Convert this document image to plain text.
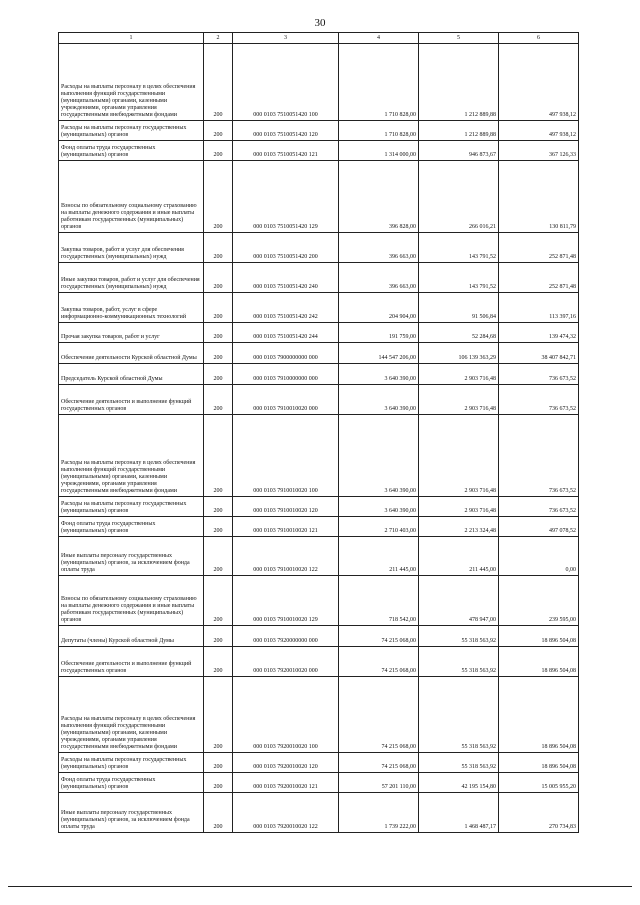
30
1	2	3	4	5	6
Расходы на выплаты персоналу в целях обеспечения выполнения функций государственными (муниципальными) органами, казенными учреждениями, органами управления государственными внебюджетными фондами	200	000 0103 7510051420 100	1 710 828,00	1 212 889,88	497 938,12
Расходы на выплаты персоналу государственных (муниципальных) органов	200	000 0103 7510051420 120	1 710 828,00	1 212 889,88	497 938,12
Фонд оплаты труда государственных (муниципальных) органов	200	000 0103 7510051420 121	1 314 000,00	946 873,67	367 126,33
Взносы по обязательному социальному страхованию на выплаты денежного содержания и иные выплаты работникам государственных (муниципальных) органов	200	000 0103 7510051420 129	396 828,00	266 016,21	130 811,79
Закупка товаров, работ и услуг для обеспечения государственных (муниципальных) нужд	200	000 0103 7510051420 200	396 663,00	143 791,52	252 871,48
Иные закупки товаров, работ и услуг для обеспечения государственных (муниципальных) нужд	200	000 0103 7510051420 240	396 663,00	143 791,52	252 871,48
Закупка товаров, работ, услуг в сфере информационно-коммуникационных технологий	200	000 0103 7510051420 242	204 904,00	91 506,84	113 397,16
Прочая закупка товаров, работ и услуг	200	000 0103 7510051420 244	191 759,00	52 284,68	139 474,32
Обеспечение деятельности Курской областной Думы	200	000 0103 7900000000 000	144 547 206,00	106 139 363,29	38 407 842,71
Председатель Курской областной Думы	200	000 0103 7910000000 000	3 640 390,00	2 903 716,48	736 673,52
Обеспечение деятельности и выполнение функций государственных органов	200	000 0103 7910010020 000	3 640 390,00	2 903 716,48	736 673,52
Расходы на выплаты персоналу в целях обеспечения выполнения функций государственными (муниципальными) органами, казенными учреждениями, органами управления государственными внебюджетными фондами	200	000 0103 7910010020 100	3 640 390,00	2 903 716,48	736 673,52
Расходы на выплаты персоналу государственных (муниципальных) органов	200	000 0103 7910010020 120	3 640 390,00	2 903 716,48	736 673,52
Фонд оплаты труда государственных (муниципальных) органов	200	000 0103 7910010020 121	2 710 403,00	2 213 324,48	497 078,52
Иные выплаты персоналу государственных (муниципальных) органов, за исключением фонда оплаты труда	200	000 0103 7910010020 122	211 445,00	211 445,00	0,00
Взносы по обязательному социальному страхованию на выплаты денежного содержания и иные выплаты работникам государственных (муниципальных) органов	200	000 0103 7910010020 129	718 542,00	478 947,00	239 595,00
Депутаты (члены) Курской областной Думы	200	000 0103 7920000000 000	74 215 068,00	55 318 563,92	18 896 504,08
Обеспечение деятельности и выполнение функций государственных органов	200	000 0103 7920010020 000	74 215 068,00	55 318 563,92	18 896 504,08
Расходы на выплаты персоналу в целях обеспечения выполнения функций государственными (муниципальными) органами, казенными учреждениями, органами управления государственными внебюджетными фондами	200	000 0103 7920010020 100	74 215 068,00	55 318 563,92	18 896 504,08
Расходы на выплаты персоналу государственных (муниципальных) органов	200	000 0103 7920010020 120	74 215 068,00	55 318 563,92	18 896 504,08
Фонд оплаты труда государственных (муниципальных) органов	200	000 0103 7920010020 121	57 201 110,00	42 195 154,80	15 005 955,20
Иные выплаты персоналу государственных (муниципальных) органов, за исключением фонда оплаты труда	200	000 0103 7920010020 122	1 739 222,00	1 468 487,17	270 734,83
